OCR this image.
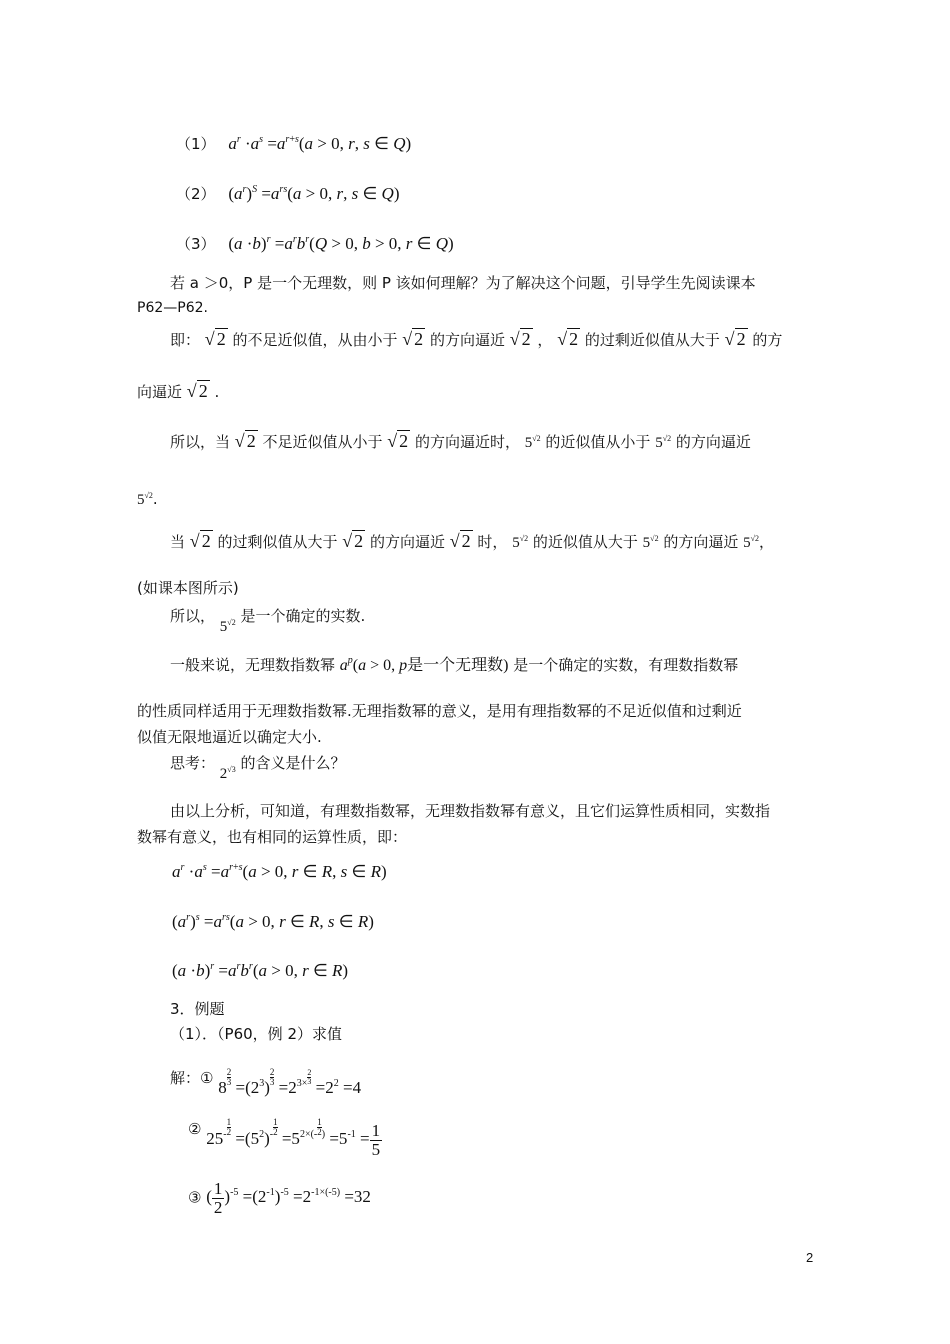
（1） $a^r \cdot a^s =a^{r+s}(a > 0$, r, s ∈ Q)
（2） $(a^r)^S =a^{rs}(a > 0$, r, s ∈ Q)
（3） $(a \cdot b)^r =a^rb^r(Q > 0$, b > 0, r ∈ Q)
若 a ＞0，P 是一个无理数，则 P 该如何理解？为了解决这个问题，引导学生先阅读课本
P62—P62.
即： √ 2 的不足近似值，从由小于 √ 2 的方向逼近 √ 2 ， √ 2 的过剩近似值从大于 √ 2 的方
向逼近 √ 2 .
所以，当 √ 2 不足近似值从小于 √ 2 的方向逼近时， $5^{√2}$ 的近似值从小于 $5^{√2}$ 的方向逼近
$5^{√2}$.
当 √ 2 的过剩似值从大于 √ 2 的方向逼近 √ 2 时， $5^{√2}$ 的近似值从大于 $5^{√2}$ 的方向逼近 $5^{√2}$，
(如课本图所示)
所以， $5^{√2}$ 是一个确定的实数.
一般来说，无理数指数幂 $a^p(a > 0$, p是一个无理数) 是一个确定的实数，有理数指数幂
的性质同样适用于无理数指数幂.无理指数幂的意义，是用有理指数幂的不足近似值和过剩近
似值无限地逼近以确定大小.
思考： $2^{√3}$ 的含义是什么？
由以上分析，可知道，有理数指数幂，无理数指数幂有意义，且它们运算性质相同，实数指
数幂有意义，也有相同的运算性质，即：
$a^r \cdot a^s =a^{r+s}(a > 0$, r ∈ R, s ∈ R)
$(a^r)^s =a^{rs}(a > 0$, r ∈ R, s ∈ R)
$(a \cdot b)^r =a^rb^r(a > 0$, r ∈ R)
3．例题
（1）．（P60，例 2）求值
解：① 8
$\frac{2}{3}$
$=(2^3)$
$\frac{2}{3}$
$=2^{3\times \frac{2}{3}}$
$=2^2 =4$
② $25^{- \frac{1}{2}}$
$=(5^2)^{- \frac{1}{2}}$
$=5^{2\times(- \frac{1}{2} )} =5^{-1} = \frac{1}{5}$
③ ( $\frac{1}{2} )^{-5} =(2^{-1})^{-5} =2^{-1\times(-5)} =32$
2
